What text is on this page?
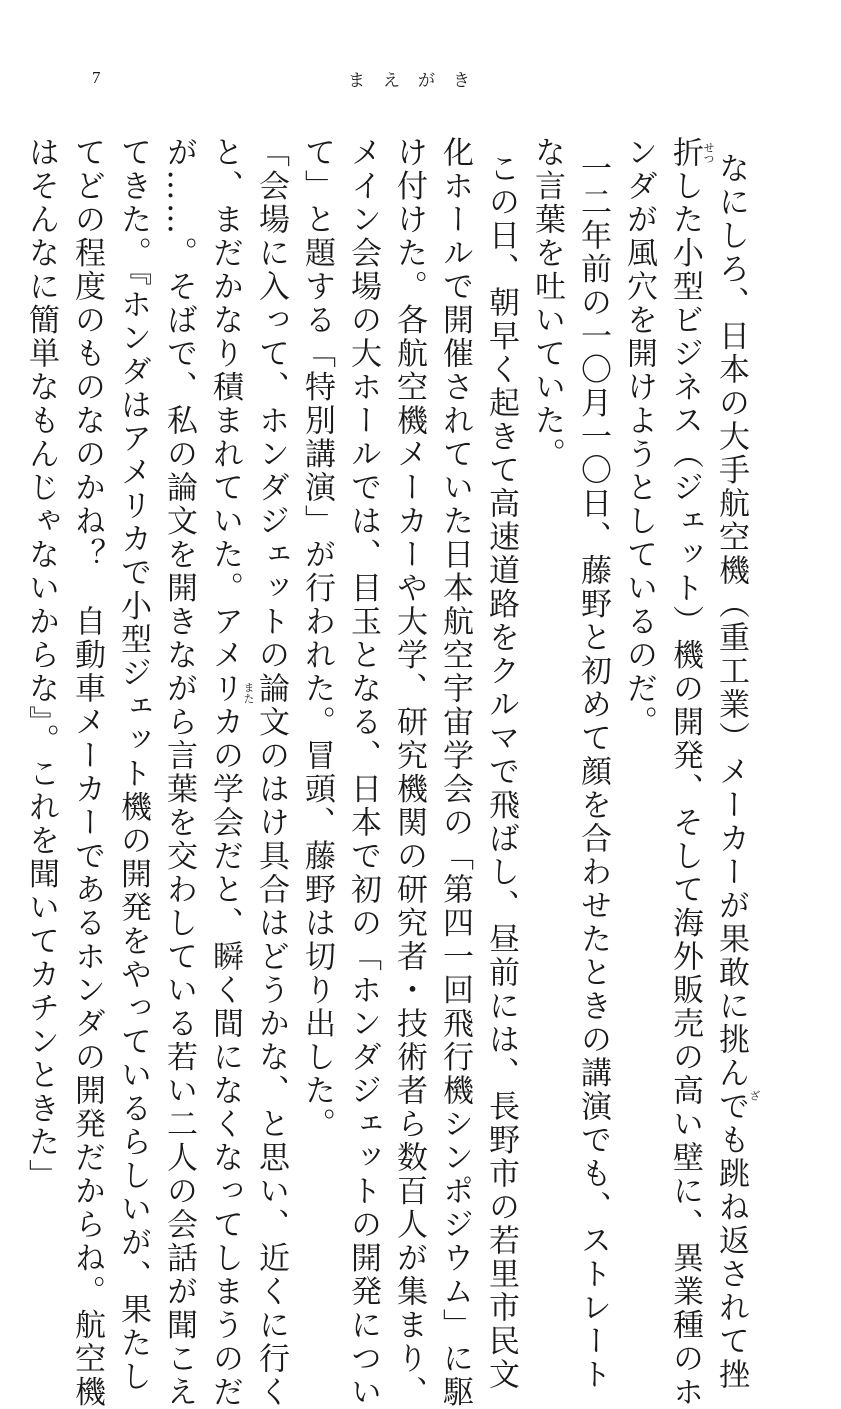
7	まえがき
なにしろ、日本の大手航空機（重工業）メーカーが果敢に挑んでも跳ね返されて挫
折した小型ビジネス（ジェット）機の開発、そして海外販売の高い壁に、異業種のホ
ンダが風穴を開けようとしているのだ。
一二年前の一〇月一〇日、藤野と初めて顔を合わせたときの講演でも、ストレート
な言葉を吐いていた。
この日、朝早く起きて高速道路をクルマで飛ばし、昼前には、長野市の若里市民文
化ホールで開催されていた日本航空宇宙学会の「第四一回飛行機シンポジウム」に駆
け付けた。各航空機メーカーや大学、研究機関の研究者・技術者ら数百人が集まり、
メイン会場の大ホールでは、目玉となる、日本で初の「ホンダジェットの開発につい
て」と題する「特別講演」が行われた。冒頭、藤野は切り出した。
「会場に入って、ホンダジェットの論文のはけ具合はどうかな、と思い、近くに行く
と、まだかなり積まれていた。アメリカの学会だと、瞬く間になくなってしまうのだ
が……。そばで、私の論文を開きながら言葉を交わしている若い二人の会話が聞こえ
てきた。『ホンダはアメリカで小型ジェット機の開発をやっているらしいが、果たし
てどの程度のものなのかね？　自動車メーカーであるホンダの開発だからね。航空機
はそんなに簡単なもんじゃないからな』。これを聞いてカチンときた」	ざ
せつ
また
